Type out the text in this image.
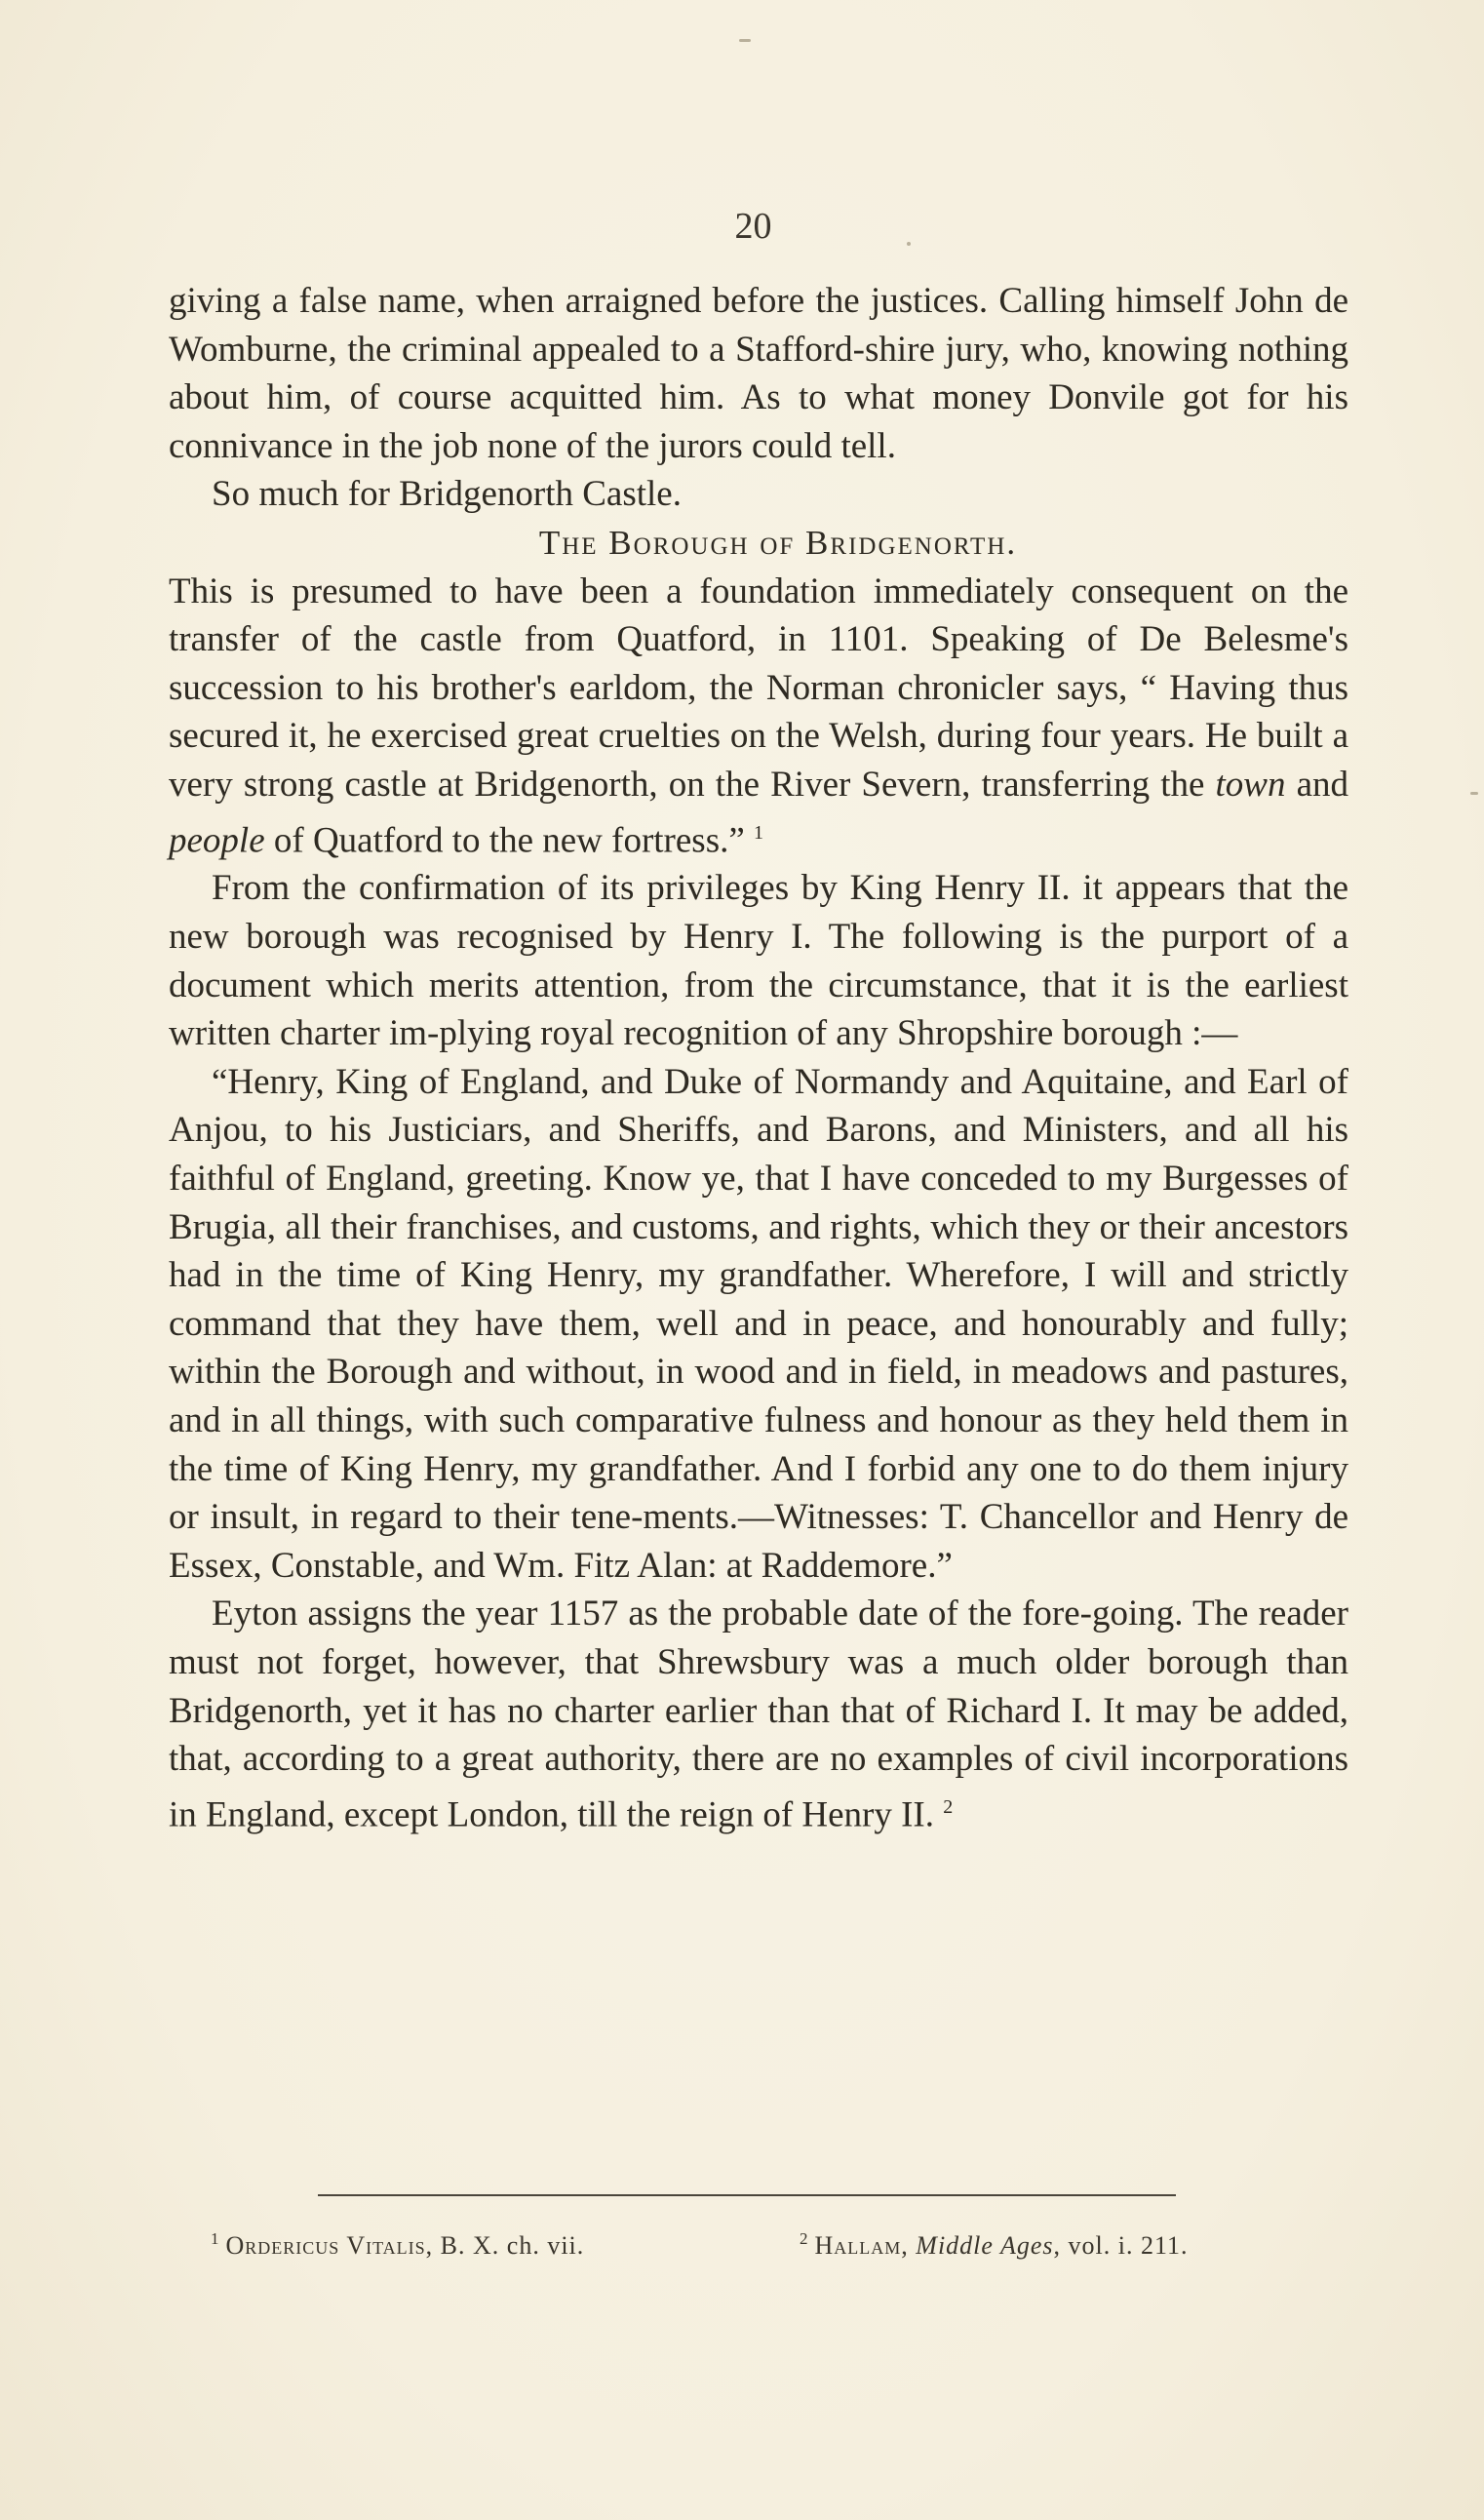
20

giving a false name, when arraigned before the justices. Calling himself John de Womburne, the criminal appealed to a Stafford-shire jury, who, knowing nothing about him, of course acquitted him. As to what money Donvile got for his connivance in the job none of the jurors could tell.

So much for Bridgenorth Castle.

The Borough of Bridgenorth.

This is presumed to have been a foundation immediately consequent on the transfer of the castle from Quatford, in 1101. Speaking of De Belesme's succession to his brother's earldom, the Norman chronicler says, “ Having thus secured it, he exercised great cruelties on the Welsh, during four years. He built a very strong castle at Bridgenorth, on the River Severn, transferring the town and people of Quatford to the new fortress.” $^1$

From the confirmation of its privileges by King Henry II. it appears that the new borough was recognised by Henry I. The following is the purport of a document which merits attention, from the circumstance, that it is the earliest written charter im-plying royal recognition of any Shropshire borough :—

“Henry, King of England, and Duke of Normandy and Aquitaine, and Earl of Anjou, to his Justiciars, and Sheriffs, and Barons, and Ministers, and all his faithful of England, greeting. Know ye, that I have conceded to my Burgesses of Brugia, all their franchises, and customs, and rights, which they or their ancestors had in the time of King Henry, my grandfather. Wherefore, I will and strictly command that they have them, well and in peace, and honourably and fully; within the Borough and without, in wood and in field, in meadows and pastures, and in all things, with such comparative fulness and honour as they held them in the time of King Henry, my grandfather. And I forbid any one to do them injury or insult, in regard to their tene-ments.—Witnesses: T. Chancellor and Henry de Essex, Constable, and Wm. Fitz Alan: at Raddemore.”

Eyton assigns the year 1157 as the probable date of the fore-going. The reader must not forget, however, that Shrewsbury was a much older borough than Bridgenorth, yet it has no charter earlier than that of Richard I. It may be added, that, according to a great authority, there are no examples of civil incorporations in England, except London, till the reign of Henry II. $^2$

$^1$ Ordericus Vitalis, B. X. ch. vii.	$^2$ Hallam, Middle Ages, vol. i. 211.
